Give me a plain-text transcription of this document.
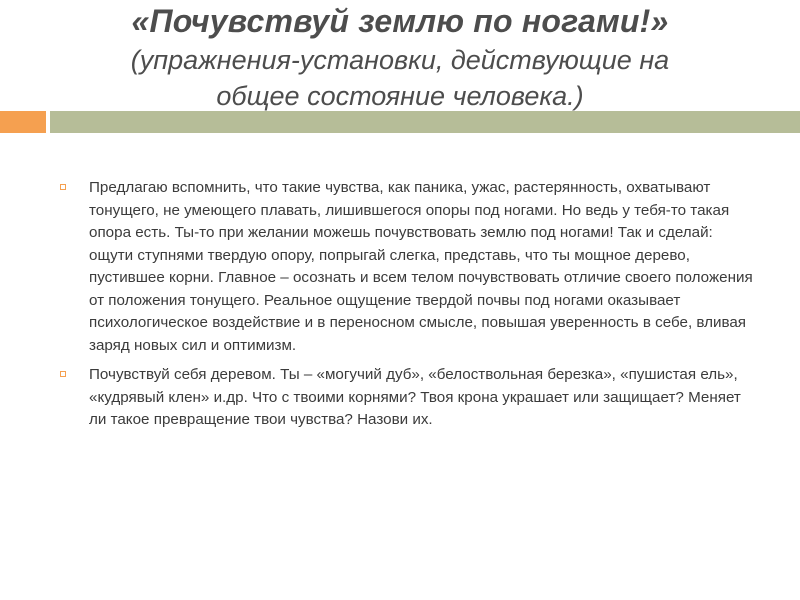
«Почувствуй землю по ногами!»
(упражнения-установки, действующие на
общее состояние человека.)
Предлагаю вспомнить, что такие чувства, как паника, ужас, растерянность, охватывают тонущего, не умеющего плавать, лишившегося опоры под ногами. Но ведь у тебя-то такая опора есть. Ты-то при желании можешь почувствовать землю под ногами! Так и сделай: ощути ступнями твердую опору, попрыгай слегка, представь, что ты мощное дерево, пустившее корни. Главное – осознать и всем телом почувствовать отличие своего положения от положения тонущего. Реальное ощущение твердой почвы под ногами оказывает психологическое воздействие и в переносном смысле, повышая уверенность в себе, вливая заряд новых сил и оптимизм.
Почувствуй себя деревом. Ты – «могучий дуб», «белоствольная березка», «пушистая ель», «кудрявый клен» и.др. Что с твоими корнями? Твоя крона украшает или защищает? Меняет ли такое превращение твои чувства? Назови их.
